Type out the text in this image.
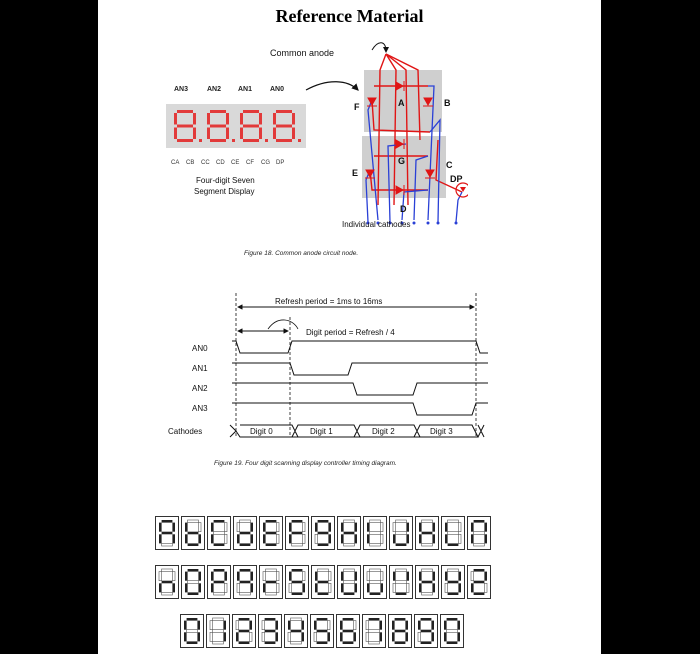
Reference Material
Common anode
AN3	AN2 AN1	AN0
CA CB CC CD CE CF CG DP
Four-digit Seven
Segment Display
A	B
C
D
E
F
G
DP
Individual cathodes
Figure 18. Common anode circuit node.
Refresh period = 1ms to 16ms
Digit period = Refresh / 4
AN0
AN1
AN2
AN3
Cathodes	Digit 0	Digit 1	Digit 2	Digit 3
Figure 19. Four digit scanning display controller timing diagram.
A	b	C	d	E	F	g	H	I	J	K	L	M
n	O	P	q	r	S	t	U	V	W	X	Y	Z
0	1	2	3	4	5	6	7	8	9	0
